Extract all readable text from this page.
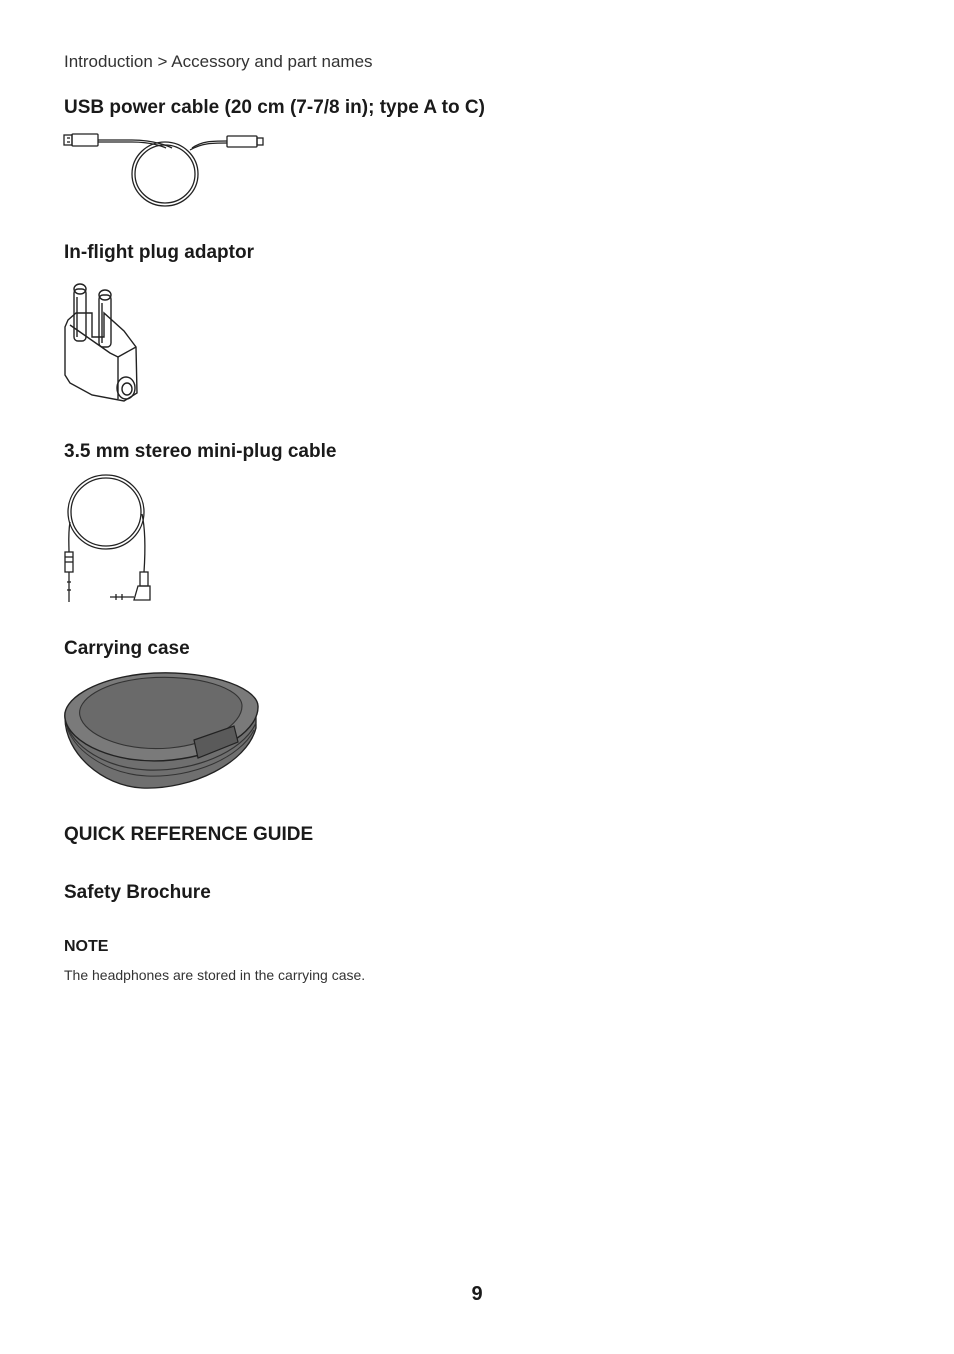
Introduction > Accessory and part names
USB power cable (20 cm (7-7/8 in); type A to C)
In-flight plug adaptor
3.5 mm stereo mini-plug cable
Carrying case
QUICK REFERENCE GUIDE
Safety Brochure
NOTE
The headphones are stored in the carrying case.
9
